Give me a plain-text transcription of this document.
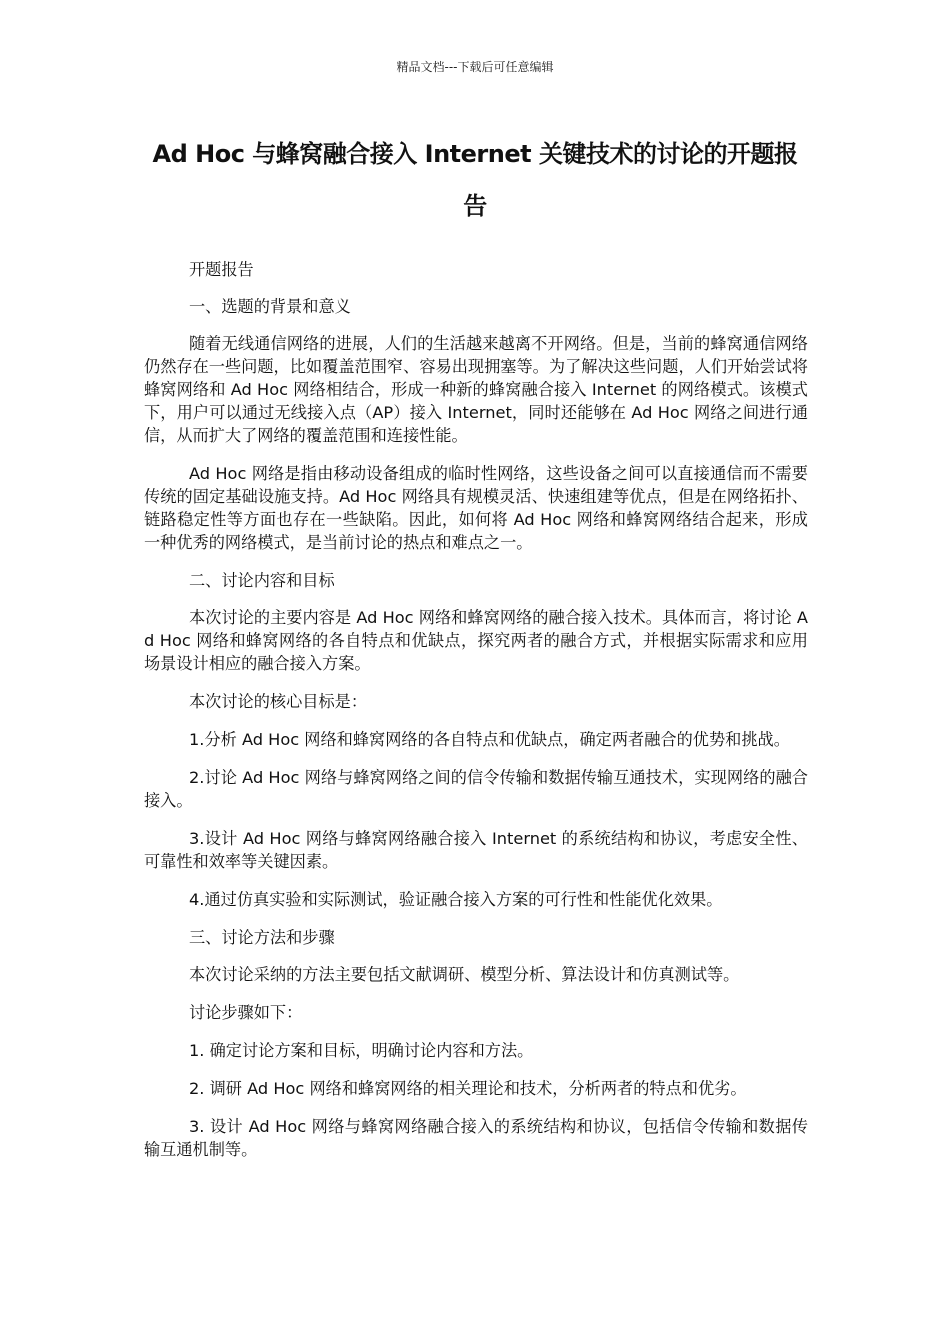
精品文档---下载后可任意编辑
Ad Hoc 与蜂窝融合接入 Internet 关键技术的讨论的开题报告

开题报告

一、选题的背景和意义

随着无线通信网络的进展，人们的生活越来越离不开网络。但是，当前的蜂窝通信网络仍然存在一些问题，比如覆盖范围窄、容易出现拥塞等。为了解决这些问题，人们开始尝试将蜂窝网络和 Ad Hoc 网络相结合，形成一种新的蜂窝融合接入 Internet 的网络模式。该模式下，用户可以通过无线接入点（AP）接入 Internet，同时还能够在 Ad Hoc 网络之间进行通信，从而扩大了网络的覆盖范围和连接性能。

Ad Hoc 网络是指由移动设备组成的临时性网络，这些设备之间可以直接通信而不需要传统的固定基础设施支持。Ad Hoc 网络具有规模灵活、快速组建等优点，但是在网络拓扑、链路稳定性等方面也存在一些缺陷。因此，如何将 Ad Hoc 网络和蜂窝网络结合起来，形成一种优秀的网络模式，是当前讨论的热点和难点之一。

二、讨论内容和目标

本次讨论的主要内容是 Ad Hoc 网络和蜂窝网络的融合接入技术。具体而言，将讨论 Ad Hoc 网络和蜂窝网络的各自特点和优缺点，探究两者的融合方式，并根据实际需求和应用场景设计相应的融合接入方案。

本次讨论的核心目标是：

1.分析 Ad Hoc 网络和蜂窝网络的各自特点和优缺点，确定两者融合的优势和挑战。

2.讨论 Ad Hoc 网络与蜂窝网络之间的信令传输和数据传输互通技术，实现网络的融合接入。

3.设计 Ad Hoc 网络与蜂窝网络融合接入 Internet 的系统结构和协议，考虑安全性、可靠性和效率等关键因素。

4.通过仿真实验和实际测试，验证融合接入方案的可行性和性能优化效果。

三、讨论方法和步骤

本次讨论采纳的方法主要包括文献调研、模型分析、算法设计和仿真测试等。

讨论步骤如下：

1. 确定讨论方案和目标，明确讨论内容和方法。

2. 调研 Ad Hoc 网络和蜂窝网络的相关理论和技术，分析两者的特点和优劣。

3. 设计 Ad Hoc 网络与蜂窝网络融合接入的系统结构和协议，包括信令传输和数据传输互通机制等。
